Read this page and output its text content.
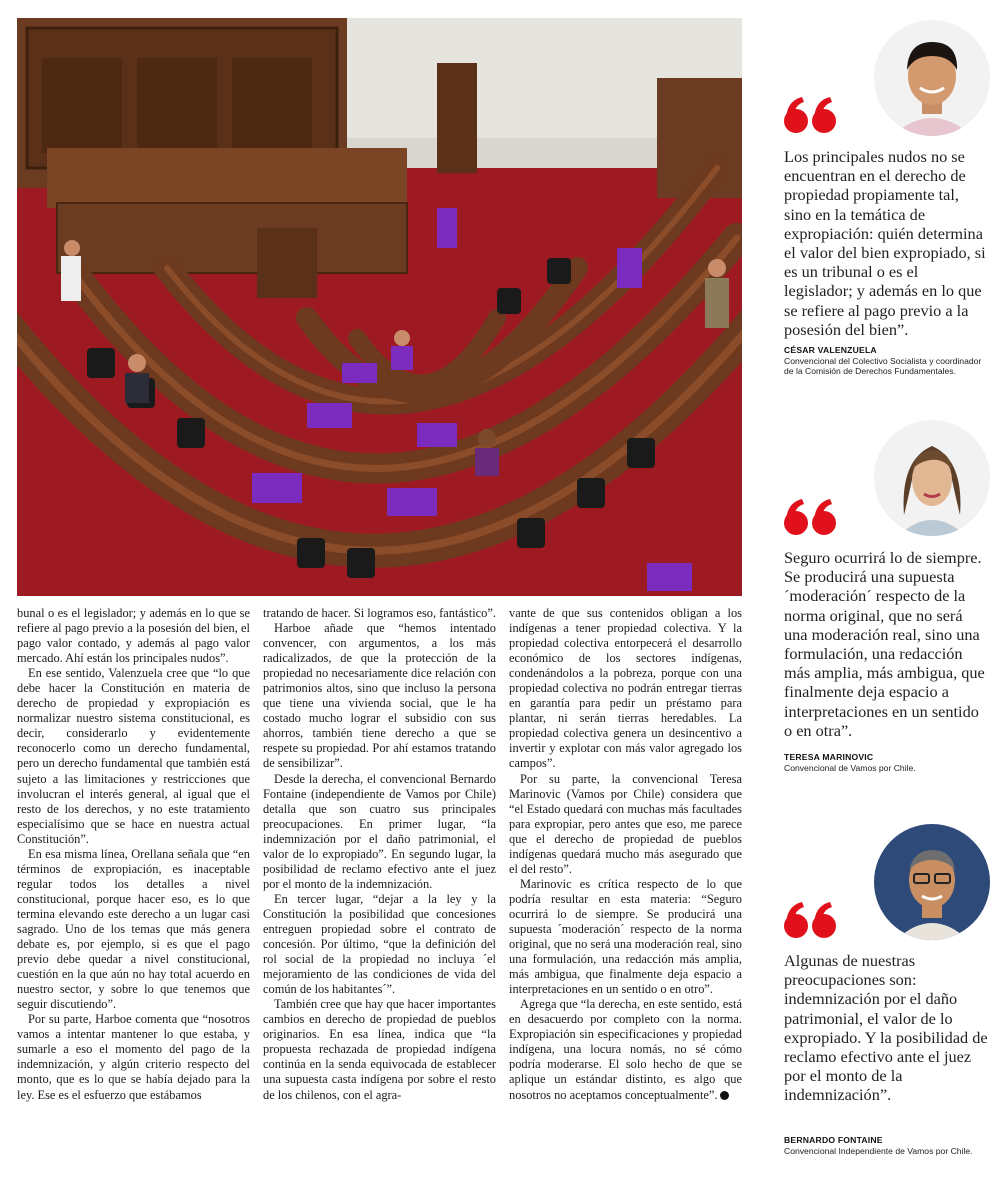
bunal o es el legislador; y además en lo que se refiere al pago previo a la posesión del bien, el pago valor contado, y además al pago valor mercado. Ahí están los principales nudos”.

En ese sentido, Valenzuela cree que “lo que debe hacer la Constitución en materia de derecho de propiedad y expropiación es normalizar nuestro sistema constitucional, es decir, considerarlo y evidentemente reconocerlo como un derecho fundamental, pero un derecho fundamental que también está sujeto a las limitaciones y restricciones que involucran el interés general, al igual que el resto de los derechos, y no este tratamiento especialísimo que se hace en nuestra actual Constitución”.

En esa misma línea, Orellana señala que “en términos de expropiación, es inaceptable regular todos los detalles a nivel constitucional, porque hacer eso, es lo que termina elevando este derecho a un lugar casi sagrado. Uno de los temas que más genera debate es, por ejemplo, si es que el pago previo debe quedar a nivel constitucional, cuestión en la que aún no hay total acuerdo en nuestro sector, y sobre lo que tenemos que seguir discutiendo”.

Por su parte, Harboe comenta que “nosotros vamos a intentar mantener lo que estaba, y sumarle a eso el momento del pago de la indemnización, y algún criterio respecto del monto, que es lo que se había dejado para la ley. Ese es el esfuerzo que estábamos

tratando de hacer. Si logramos eso, fantástico”.

Harboe añade que “hemos intentado convencer, con argumentos, a los más radicalizados, de que la protección de la propiedad no necesariamente dice relación con patrimonios altos, sino que incluso la persona que tiene una vivienda social, que le ha costado mucho lograr el subsidio con sus ahorros, también tiene derecho a que se respete su propiedad. Por ahí estamos tratando de sensibilizar”.

Desde la derecha, el convencional Bernardo Fontaine (independiente de Vamos por Chile) detalla que son cuatro sus principales preocupaciones. En primer lugar, “la indemnización por el daño patrimonial, el valor de lo expropiado”. En segundo lugar, la posibilidad de reclamo efectivo ante el juez por el monto de la indemnización.

En tercer lugar, “dejar a la ley y la Constitución la posibilidad que concesiones entreguen propiedad sobre el contrato de concesión. Por último, “que la definición del rol social de la propiedad no incluya ´el mejoramiento de las condiciones de vida del común de los habitantes´”.

También cree que hay que hacer importantes cambios en derecho de propiedad de pueblos originarios. En esa línea, indica que “la propuesta rechazada de propiedad indígena continúa en la senda equivocada de establecer una supuesta casta indígena por sobre el resto de los chilenos, con el agra-

vante de que sus contenidos obligan a los indígenas a tener propiedad colectiva. Y la propiedad colectiva entorpecerá el desarrollo económico de los sectores indígenas, condenándolos a la pobreza, porque con una propiedad colectiva no podrán entregar tierras en garantía para pedir un préstamo para plantar, ni serán tierras heredables. La propiedad colectiva genera un desincentivo a invertir y explotar con más valor agregado los campos”.

Por su parte, la convencional Teresa Marinovic (Vamos por Chile) considera que “el Estado quedará con muchas más facultades para expropiar, pero antes que eso, me parece que el derecho de propiedad de pueblos indígenas quedará mucho más asegurado que el del resto”.

Marinovic es crítica respecto de lo que podría resultar en esta materia: “Seguro ocurrirá lo de siempre. Se producirá una supuesta ´moderación´ respecto de la norma original, que no será una moderación real, sino una formulación, una redacción más amplia, más ambigua, que finalmente deja espacio a interpretaciones en un sentido o en otro”.

Agrega que “la derecha, en este sentido, está en desacuerdo por completo con la norma. Expropiación sin especificaciones y propiedad indígena, una locura nomás, no sé cómo podría moderarse. El solo hecho de que se aplique un estándar distinto, es algo que nosotros no aceptamos conceptualmente”. ●

Los principales nudos no se encuentran en el derecho de propiedad propiamente tal, sino en la temática de expropiación: quién determina el valor del bien expropiado, si es un tribunal o es el legislador; y además en lo que se refiere al pago previo a la posesión del bien”.
CÉSAR VALENZUELA
Convencional del Colectivo Socialista y coordinador de la Comisión de Derechos Fundamentales.
Seguro ocurrirá lo de siempre. Se producirá una supuesta ´moderación´ respecto de la norma original, que no será una moderación real, sino una formulación, una redacción más amplia, más ambigua, que finalmente deja espacio a interpretaciones en un sentido o en otra”.
TERESA MARINOVIC
Convencional de Vamos por Chile.
Algunas de nuestras preocupaciones son: indemnización por el daño patrimonial, el valor de lo expropiado. Y la posibilidad de reclamo efectivo ante el juez por el monto de la indemnización”.
BERNARDO FONTAINE
Convencional Independiente de Vamos por Chile.
